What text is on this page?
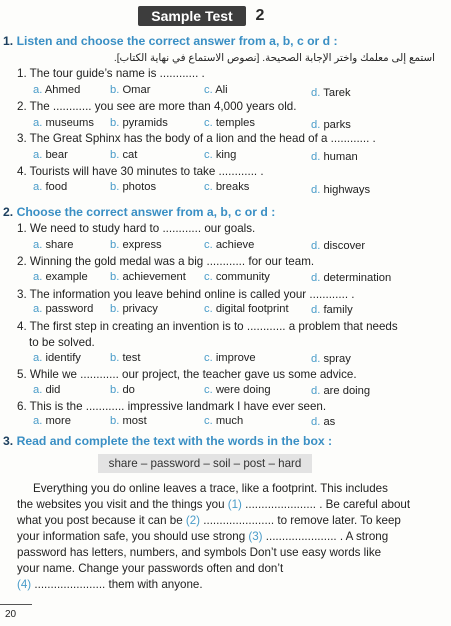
Sample Test	2
1. Listen and choose the correct answer from a, b, c or d :
استمع إلى معلمك واختر الإجابة الصحيحة. [نصوص الاستماع في نهاية الكتاب].
1. The tour guide’s name is ............ .
a. Ahmed	b. Omar	c. Ali	d. Tarek
2. The ............ you see are more than 4,000 years old.
a. museums b. pyramids	c. temples	d. parks
3. The Great Sphinx has the body of a lion and the head of a ............ .
a. bear	b. cat	c. king	d. human
4. Tourists will have 30 minutes to take ............ .
a. food	b. photos	c. breaks	d. highways
2. Choose the correct answer from a, b, c or d :
1. We need to study hard to ............ our goals.
a. share	b. express	c. achieve	d. discover
2. Winning the gold medal was a big ............ for our team.
a. example b. achievement c. community	d. determination
3. The information you leave behind online is called your ............ .
a. password b. privacy	c. digital footprint d. family
4. The first step in creating an invention is to ............ a problem that needs
to be solved.
a. identify	b. test	c. improve	d. spray
5. While we ............ our project, the teacher gave us some advice.
a. did	b. do	c. were doing	d. are doing
6. This is the ............ impressive landmark I have ever seen.
a. more	b. most	c. much	d. as
3. Read and complete the text with the words in the box :
share – password – soil – post – hard
Everything you do online leaves a trace, like a footprint. This includes
the websites you visit and the things you (1) ...................... . Be careful about
what you post because it can be (2) ...................... to remove later. To keep
your information safe, you should use strong (3) ...................... . A strong
password has letters, numbers, and symbols Don’t use easy words like
your name. Change your passwords often and don’t
(4) ...................... them with anyone.
20
